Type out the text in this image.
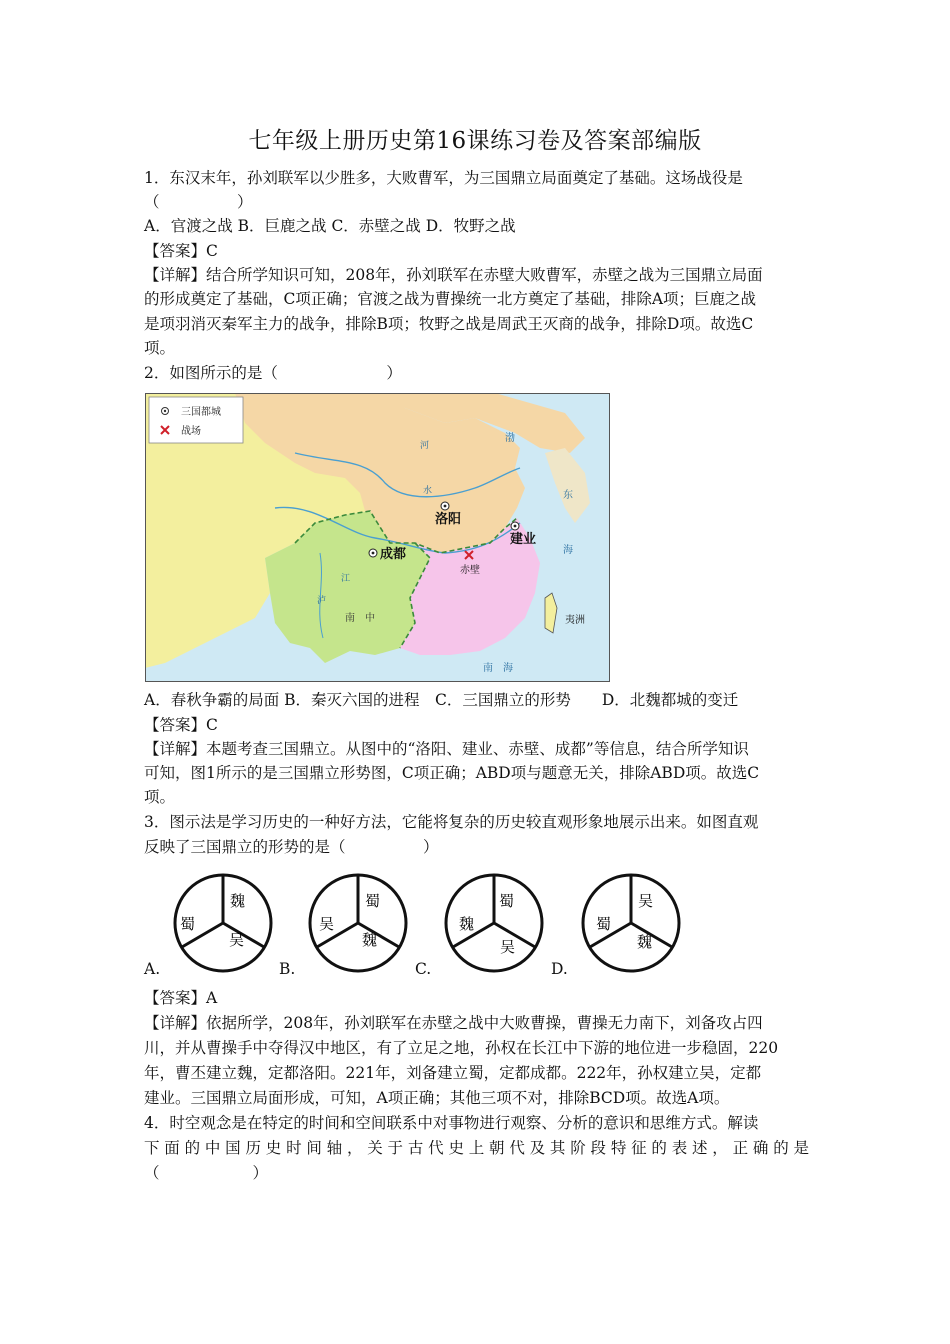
七年级上册历史第16课练习卷及答案部编版
1．东汉末年，孙刘联军以少胜多，大败曹军，为三国鼎立局面奠定了基础。这场战役是
（　　　　　）
A．官渡之战 B．巨鹿之战 C．赤壁之战 D．牧野之战
【答案】C
【详解】结合所学知识可知，208年，孙刘联军在赤壁大败曹军，赤壁之战为三国鼎立局面
的形成奠定了基础，C项正确；官渡之战为曹操统一北方奠定了基础，排除A项；巨鹿之战
是项羽消灭秦军主力的战争，排除B项；牧野之战是周武王灭商的战争，排除D项。故选C
项。
2．如图所示的是（　　　　　　　）
三国都城
战场
洛阳
成都
建业
赤壁
南　中
渤
河
水
江
泸
东
海
夷洲
南　海
A．春秋争霸的局面 B．秦灭六国的进程　C．三国鼎立的形势　　D．北魏都城的变迁
【答案】C
【详解】本题考查三国鼎立。从图中的“洛阳、建业、赤壁、成都”等信息，结合所学知识
可知，图1所示的是三国鼎立形势图，C项正确；ABD项与题意无关，排除ABD项。故选C
项。
3．图示法是学习历史的一种好方法，它能将复杂的历史较直观形象地展示出来。如图直观
反映了三国鼎立的形势的是（　　　　　）
A.
魏
蜀
吴
B.
蜀
吴
魏
C.
蜀
魏
吴
D.
吴
蜀
魏
【答案】A
【详解】依据所学，208年，孙刘联军在赤壁之战中大败曹操，曹操无力南下，刘备攻占四
川，并从曹操手中夺得汉中地区，有了立足之地，孙权在长江中下游的地位进一步稳固，220
年，曹丕建立魏，定都洛阳。221年，刘备建立蜀，定都成都。222年，孙权建立吴，定都
建业。三国鼎立局面形成，可知，A项正确；其他三项不对，排除BCD项。故选A项。
4．时空观念是在特定的时间和空间联系中对事物进行观察、分析的意识和思维方式。解读
下面的中国历史时间轴，关于古代史上朝代及其阶段特征的表述，正确的是
（　　　　　　）
